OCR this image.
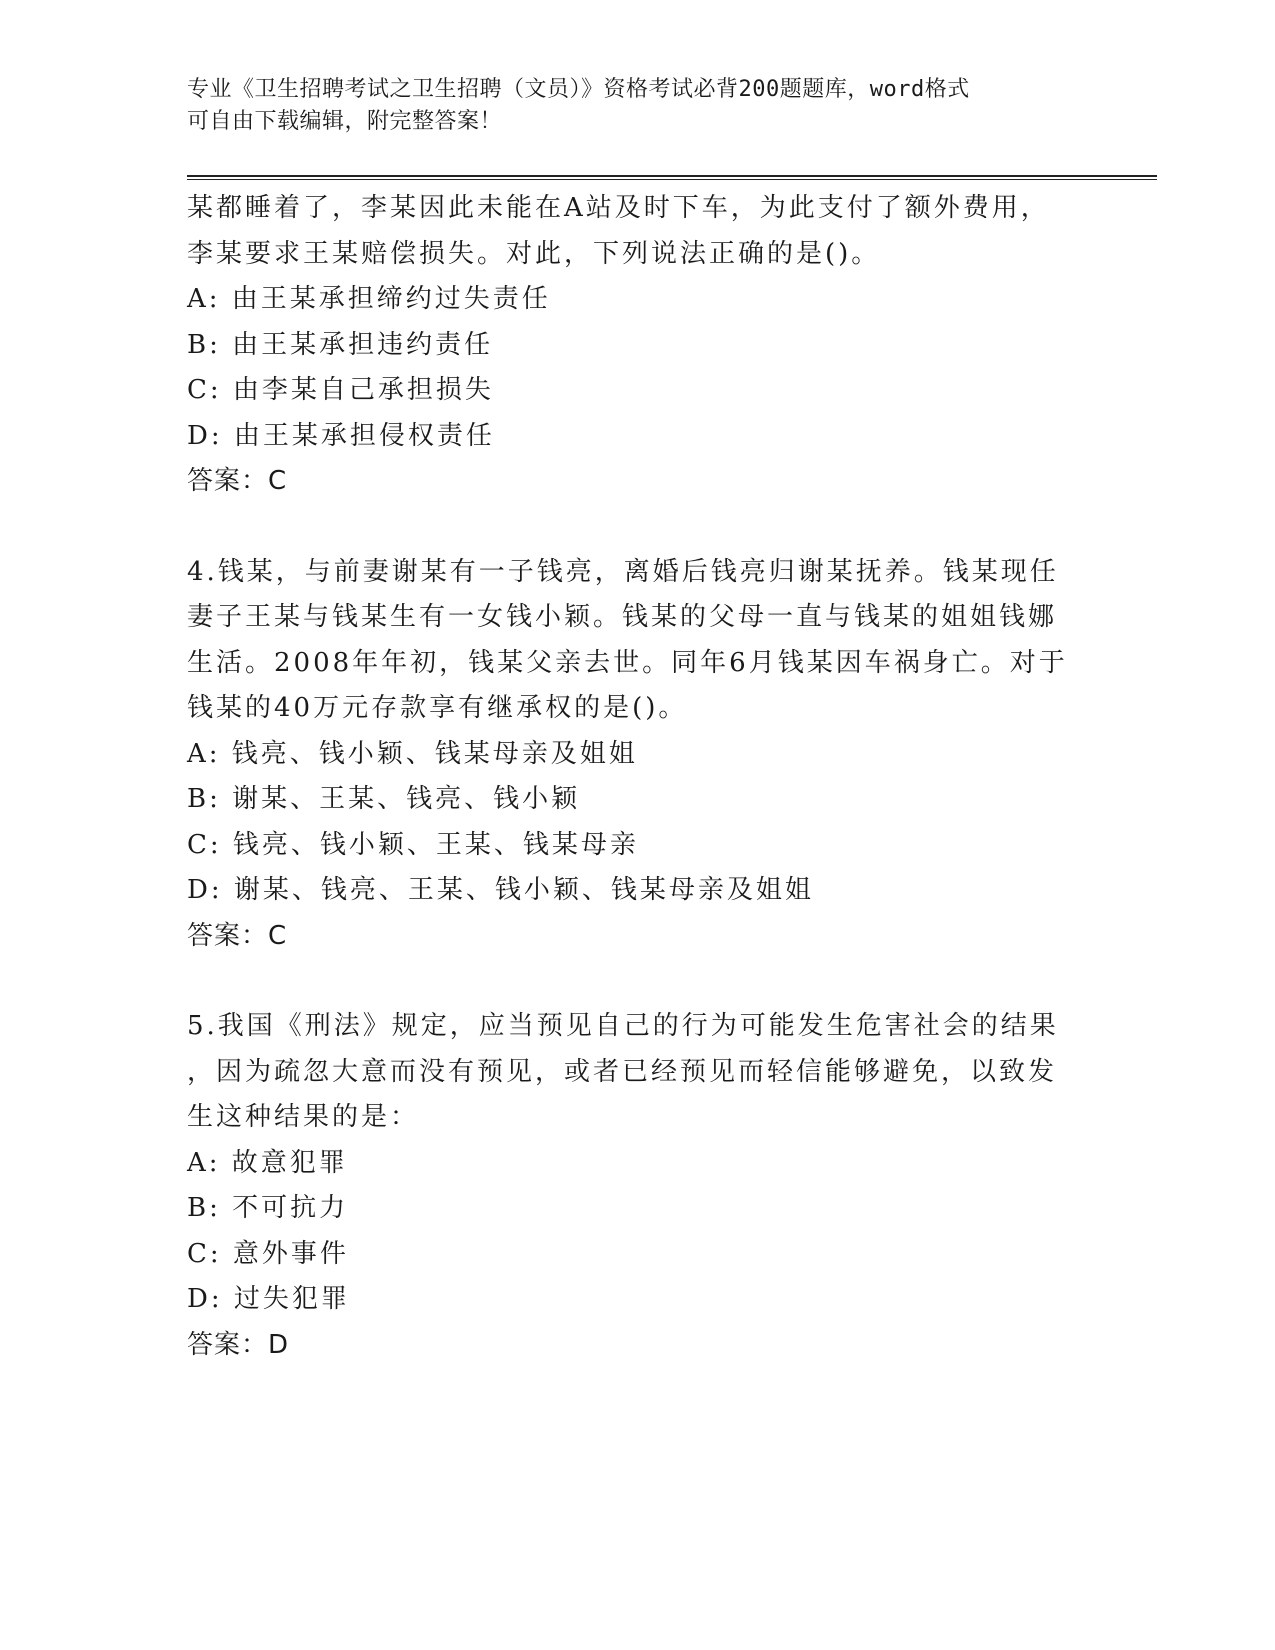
专业《卫生招聘考试之卫生招聘（文员）》资格考试必背200题题库，word格式
可自由下载编辑，附完整答案！
某都睡着了，李某因此未能在A站及时下车，为此支付了额外费用，
李某要求王某赔偿损失。对此，下列说法正确的是()。
A: 由王某承担缔约过失责任
B: 由王某承担违约责任
C: 由李某自己承担损失
D: 由王某承担侵权责任
答案：C
4.钱某，与前妻谢某有一子钱亮，离婚后钱亮归谢某抚养。钱某现任
妻子王某与钱某生有一女钱小颖。钱某的父母一直与钱某的姐姐钱娜
生活。2008年年初，钱某父亲去世。同年6月钱某因车祸身亡。对于
钱某的40万元存款享有继承权的是()。
A: 钱亮、钱小颖、钱某母亲及姐姐
B: 谢某、王某、钱亮、钱小颖
C: 钱亮、钱小颖、王某、钱某母亲
D: 谢某、钱亮、王某、钱小颖、钱某母亲及姐姐
答案：C
5.我国《刑法》规定，应当预见自己的行为可能发生危害社会的结果
，因为疏忽大意而没有预见，或者已经预见而轻信能够避免，以致发
生这种结果的是：
A: 故意犯罪
B: 不可抗力
C: 意外事件
D: 过失犯罪
答案：D
